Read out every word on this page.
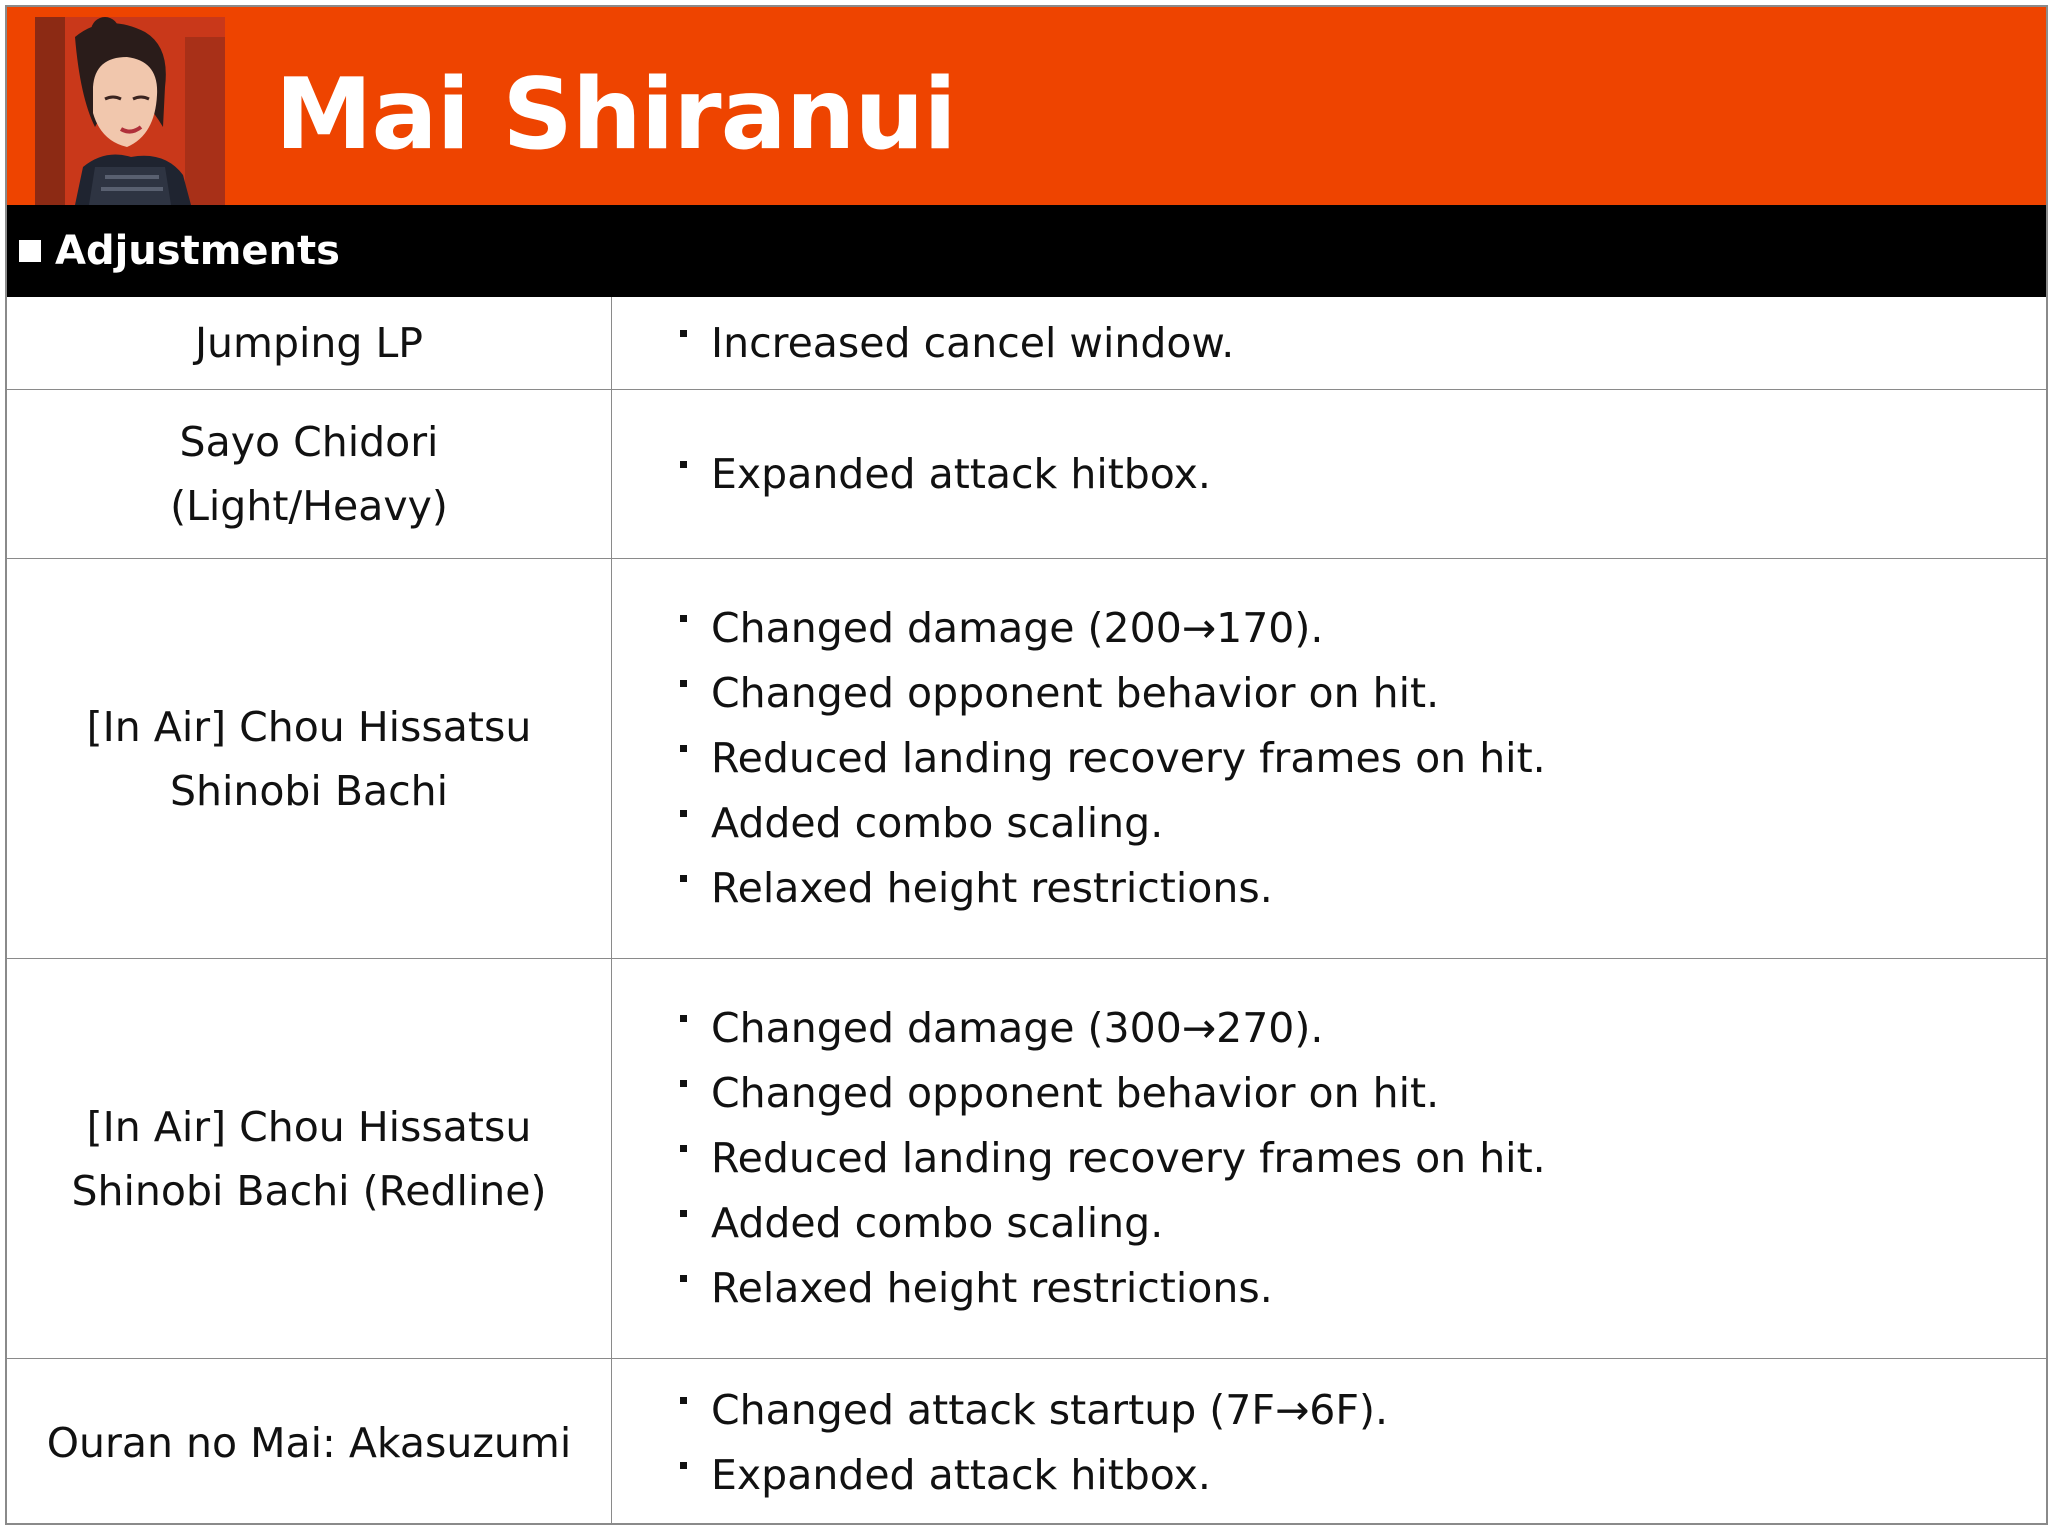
Mai Shiranui
Adjustments
Jumping LP	Increased cancel window.
Sayo Chidori
(Light/Heavy)
Expanded attack hitbox.
[In Air] Chou Hissatsu
Shinobi Bachi
Changed damage (200→170).
Changed opponent behavior on hit.
Reduced landing recovery frames on hit.
Added combo scaling.
Relaxed height restrictions.
[In Air] Chou Hissatsu
Shinobi Bachi (Redline)
Changed damage (300→270).
Changed opponent behavior on hit.
Reduced landing recovery frames on hit.
Added combo scaling.
Relaxed height restrictions.
Ouran no Mai: Akasuzumi
Changed attack startup (7F→6F).
Expanded attack hitbox.
